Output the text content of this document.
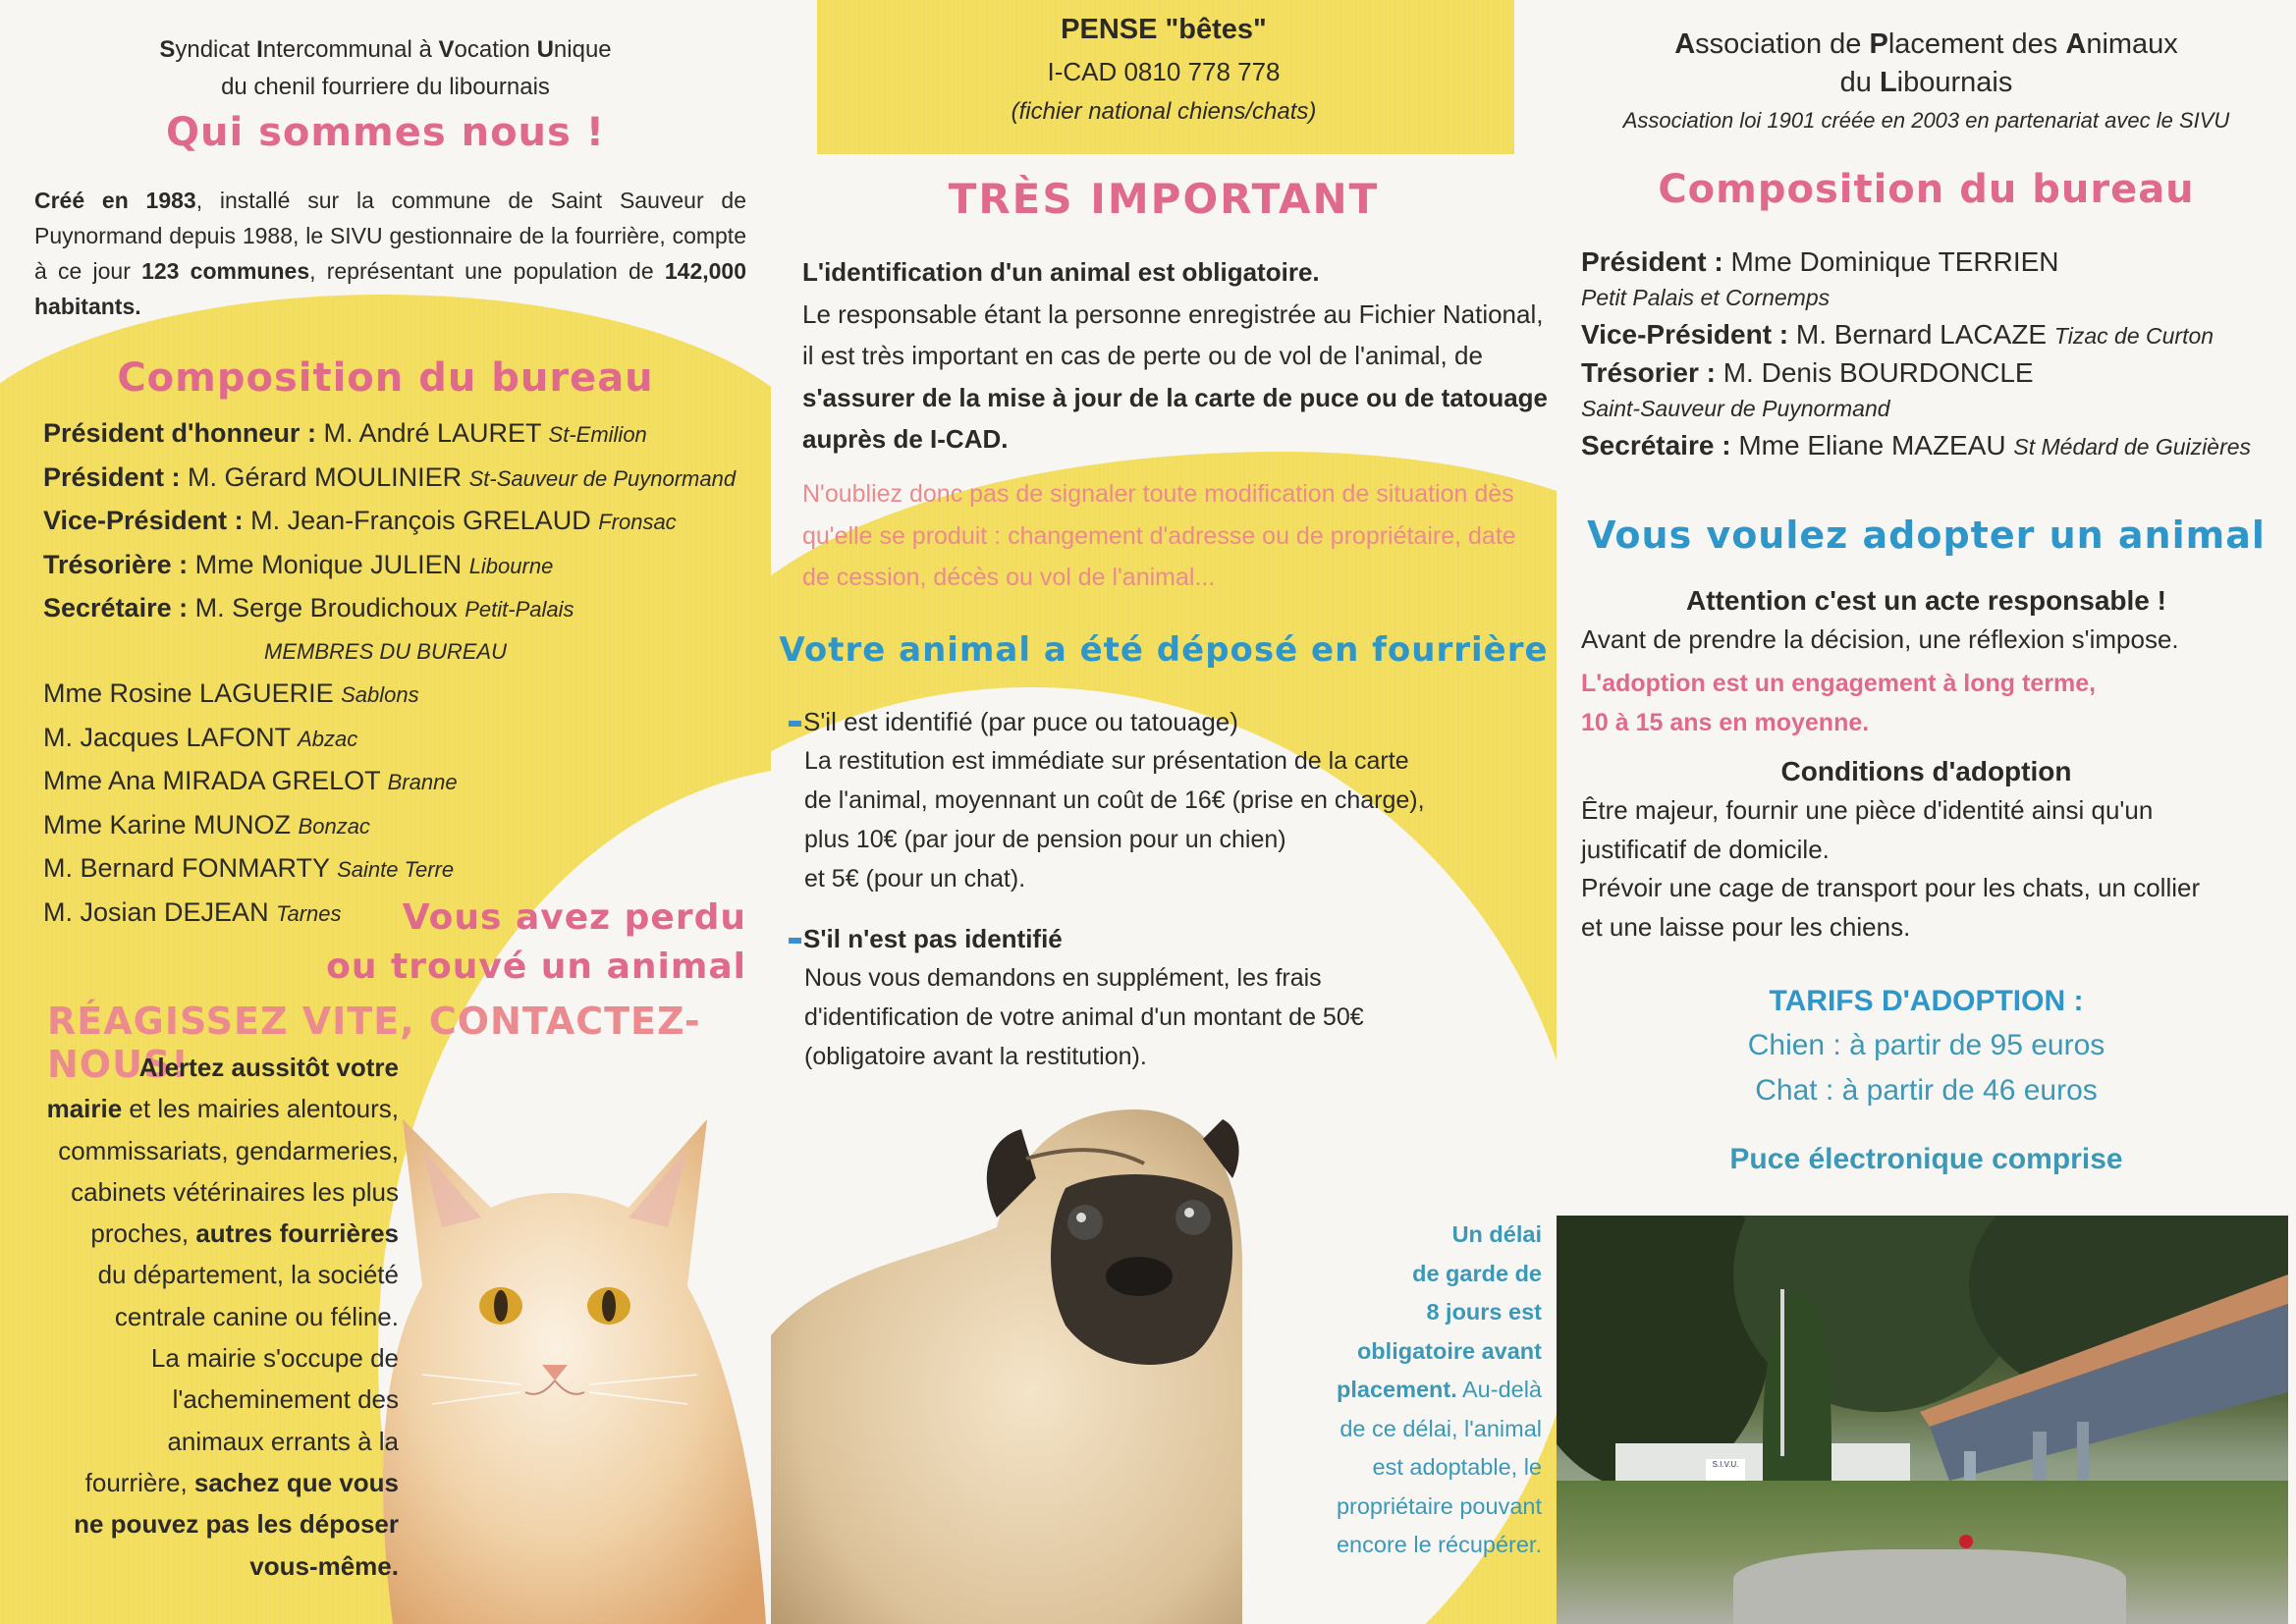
Syndicat Intercommunal à Vocation Unique
du chenil fourriere du libournais
Qui sommes nous !

Créé en 1983, installé sur la commune de Saint Sauveur de Puynormand depuis 1988, le SIVU gestionnaire de la fourrière, compte à ce jour 123 communes, représentant une population de 142,000 habitants.

Composition du bureau
Président d'honneur : M. André LAURET St-Emilion
Président : M. Gérard MOULINIER St-Sauveur de Puynormand
Vice-Président : M. Jean-François GRELAUD Fronsac
Trésorière : Mme Monique JULIEN Libourne
Secrétaire : M. Serge Broudichoux Petit-Palais
MEMBRES DU BUREAU
Mme Rosine LAGUERIE Sablons
M. Jacques LAFONT Abzac
Mme Ana MIRADA GRELOT Branne
Mme Karine MUNOZ Bonzac
M. Bernard FONMARTY Sainte Terre
M. Josian DEJEAN Tarnes	Vous avez perdu
ou trouvé un animal
RÉAGISSEZ VITE, CONTACTEZ-NOUS!
Alertez aussitôt votre
mairie et les mairies alentours,
commissariats, gendarmeries,
cabinets vétérinaires les plus
proches, autres fourrières
du département, la société
centrale canine ou féline.
La mairie s'occupe de
l'acheminement des
animaux errants à la
fourrière, sachez que vous
ne pouvez pas les déposer
vous-même.
PENSE "bêtes"
I-CAD 0810 778 778
(fichier national chiens/chats)
TRÈS IMPORTANT

L'identification d'un animal est obligatoire.
Le responsable étant la personne enregistrée au Fichier National, il est très important en cas de perte ou de vol de l'animal, de s'assurer de la mise à jour de la carte de puce ou de tatouage auprès de I-CAD.

N'oubliez donc pas de signaler toute modification de situation dès qu'elle se produit : changement d'adresse ou de propriétaire, date de cession, décès ou vol de l'animal...

Votre animal a été déposé en fourrière
S'il est identifié (par puce ou tatouage)
La restitution est immédiate sur présentation de la carte
de l'animal, moyennant un coût de 16€ (prise en charge),
plus 10€ (par jour de pension pour un chien)
et 5€ (pour un chat).
S'il n'est pas identifié
Nous vous demandons en supplément, les frais
d'identification de votre animal d'un montant de 50€
(obligatoire avant la restitution).
Un délai
de garde de
8 jours est
obligatoire avant
placement. Au-delà
de ce délai, l'animal
est adoptable, le
propriétaire pouvant
encore le récupérer.
Association de Placement des Animaux
du Libournais
Association loi 1901 créée en 2003 en partenariat avec le SIVU
Composition du bureau
Président : Mme Dominique TERRIEN
Petit Palais et Cornemps
Vice-Président : M. Bernard LACAZE Tizac de Curton
Trésorier : M. Denis BOURDONCLE
Saint-Sauveur de Puynormand
Secrétaire : Mme Eliane MAZEAU St Médard de Guizières
Vous voulez adopter un animal
Attention c'est un acte responsable !
Avant de prendre la décision, une réflexion s'impose.
L'adoption est un engagement à long terme,
10 à 15 ans en moyenne.
Conditions d'adoption
Être majeur, fournir une pièce d'identité ainsi qu'un
justificatif de domicile.
Prévoir une cage de transport pour les chats, un collier
et une laisse pour les chiens.
TARIFS D'ADOPTION :
Chien : à partir de 95 euros
Chat : à partir de 46 euros
Puce électronique comprise
S.I.V.U.
